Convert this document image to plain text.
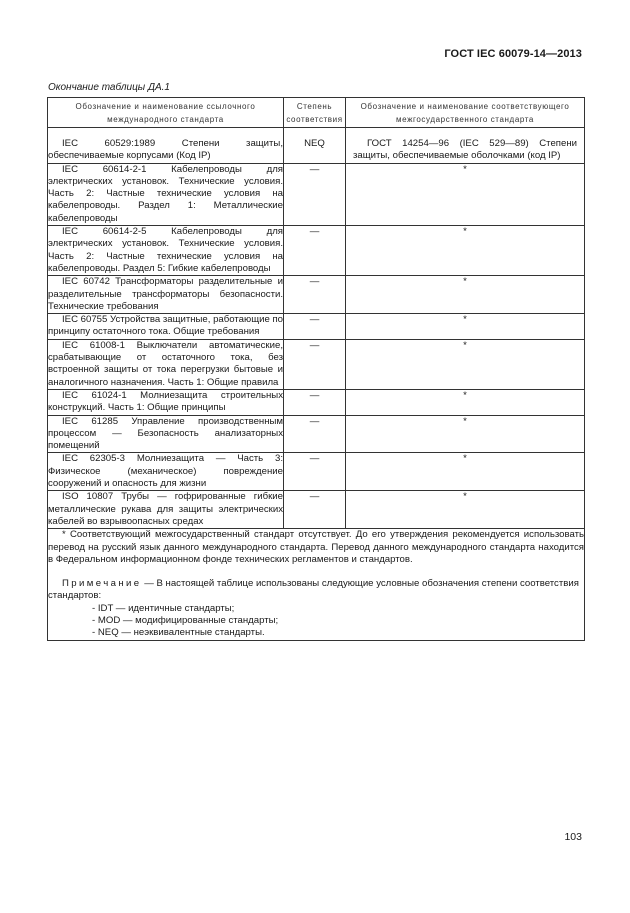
ГОСТ IEC 60079-14—2013
Окончание таблицы ДА.1
Обозначение и наименование ссылочного международного стандарта	Степень соответствия	Обозначение и наименование соответствующего межгосударственного стандарта

IEC 60529:1989 Степени защиты, обеспечиваемые корпусами (Код IP)	NEQ	ГОСТ 14254—96 (IEC 529—89) Степени защиты, обеспечиваемые оболочками (код IP)
IEC 60614-2-1 Кабелепроводы для электрических установок. Технические условия. Часть 2: Частные технические условия на кабелепроводы. Раздел 1: Металлические кабелепроводы	—	*
IEC 60614-2-5 Кабелепроводы для электрических установок. Технические условия. Часть 2: Частные технические условия на кабелепроводы. Раздел 5: Гибкие кабелепроводы	—	*
IEC 60742 Трансформаторы разделительные и разделительные трансформаторы безопасности. Технические требования	—	*
IEC 60755 Устройства защитные, работающие по принципу остаточного тока. Общие требования	—	*
IEC 61008-1 Выключатели автоматические, срабатывающие от остаточного тока, без встроенной защиты от тока перегрузки бытовые и аналогичного назначения. Часть 1: Общие правила	—	*
IEC 61024-1 Молниезащита строительных конструкций. Часть 1: Общие принципы	—	*
IEC 61285 Управление производственным процессом — Безопасность анализаторных помещений	—	*
IEC 62305-3 Молниезащита — Часть 3: Физическое (механическое) повреждение сооружений и опасность для жизни	—	*
ISO 10807 Трубы — гофрированные гибкие металлические рукава для защиты электрических кабелей во взрывоопасных средах	—	*

* Соответствующий межгосударственный стандарт отсутствует. До его утверждения рекомендуется использовать перевод на русский язык данного международного стандарта. Перевод данного международного стандарта находится в Федеральном информационном фонде технических регламентов и стандартов.

Примечание — В настоящей таблице использованы следующие условные обозначения степени соответствия стандартов:

- IDT — идентичные стандарты;

- MOD — модифицированные стандарты;

- NEQ — неэквивалентные стандарты.		

103
